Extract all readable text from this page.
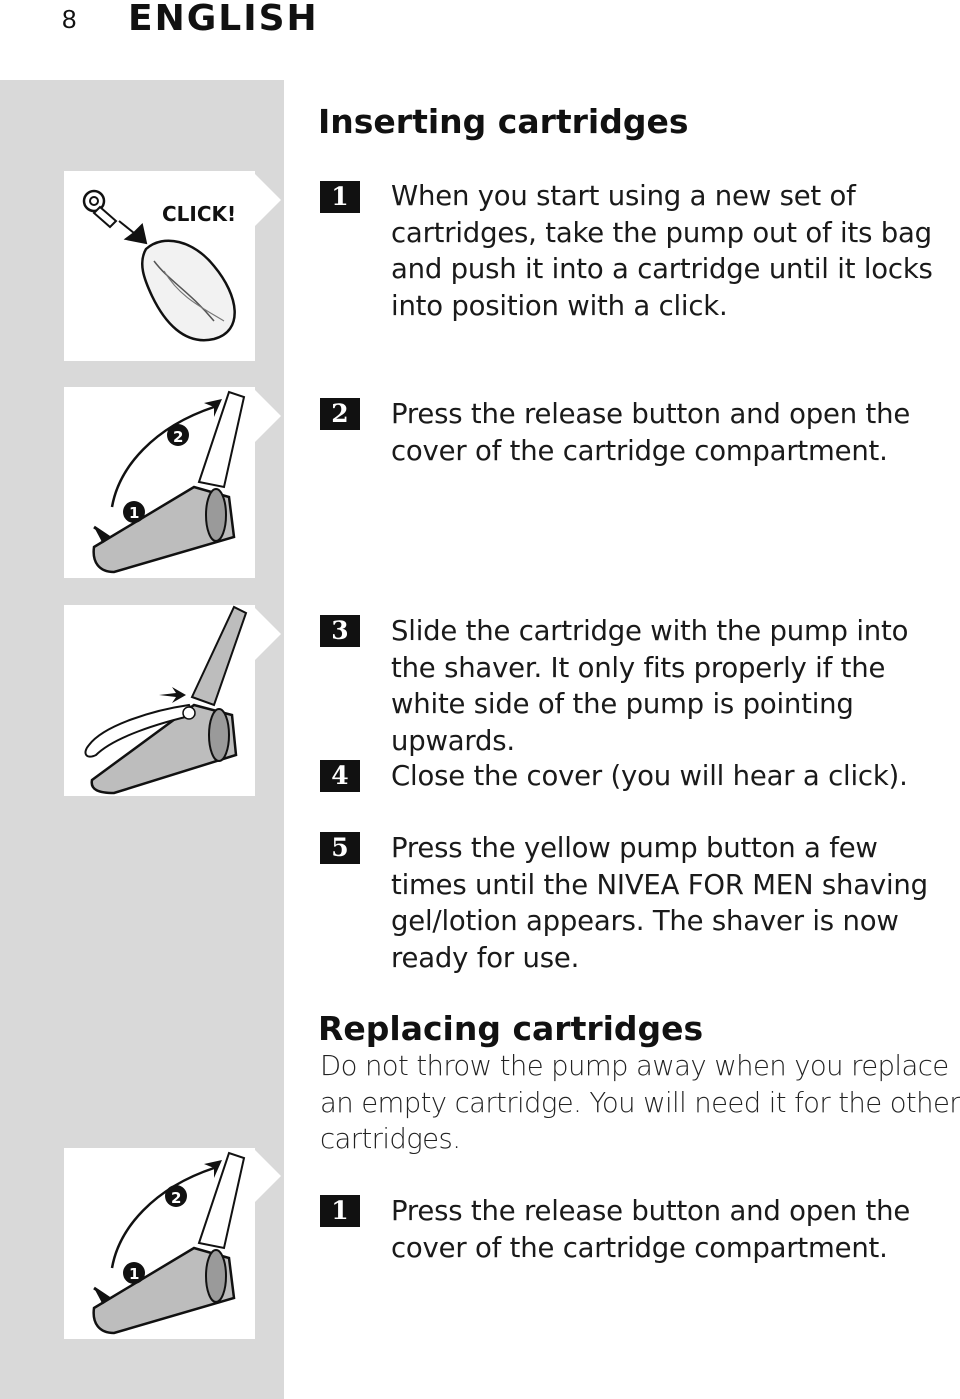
8 ENGLISH
CLICK!
2
1
2
1
Inserting cartridges
1	When you start using a new set of cartridges, take the pump out of its bag and push it into a cartridge until it locks into position with a click.
2	Press the release button and open the cover of the cartridge compartment.
3	Slide the cartridge with the pump into the shaver. It only fits properly if the white side of the pump is pointing upwards.
4	Close the cover (you will hear a click).
5	Press the yellow pump button a few times until the NIVEA FOR MEN shaving gel/lotion appears. The shaver is now ready for use.
Replacing cartridges
Do not throw the pump away when you replace an empty cartridge. You will need it for the other cartridges.
1	Press the release button and open the cover of the cartridge compartment.
